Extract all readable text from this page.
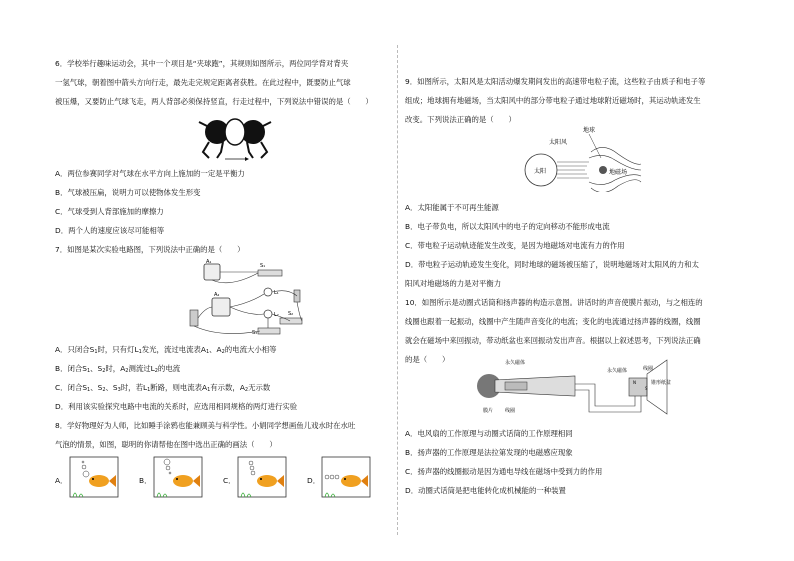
6．学校举行趣味运动会，其中一个项目是“夹球跑”，其规则如图所示，两位同学背对背夹
一氢气球，朝着图中箭头方向行走，最先走完规定距离者获胜。在此过程中，既要防止气球
被压爆，又要防止气球飞走，两人背部必须保持竖直，行走过程中，下列说法中错误的是（　　）
A．两位参赛同学对气球在水平方向上施加的一定是平衡力
B．气球被压扁，说明力可以使物体发生形变
C．气球受到人背部施加的摩擦力
D．两个人的速度应该尽可能相等
7．如图是某次实验电路图，下列说法中正确的是（　　）
A₁
A₂
S₁
S₂
S₃
L₁
L₂
A．只闭合$S_1$时，只有灯$L_1$发光，流过电流表$A_1$、$A_2$的电流大小相等
B．闭合$S_1$、$S_2$时，$A_2$测流过$L_2$的电流
C．闭合$S_1$、$S_2$、$S_3$时，若$L_1$断路，则电流表$A_1$有示数，$A_2$无示数
D．利用该实验探究电路中电流的关系时，应选用相同规格的两灯进行实验
8．学好物理好为人师，比如睡手涂鸦也能兼顾美与科学性。小娟同学想画鱼儿戏水时在水吐
气泡的情景，如图，聪明的你请帮他在图中选出正确的画法（　　）
A．	B．	C．	D．
9．如图所示，太阳风是太阳活动爆发期间发出的高速带电粒子流，这些粒子由质子和电子等
组成；地球拥有地磁场，当太阳风中的部分带电粒子通过地球附近磁场时，其运动轨迹发生
改变。下列说法正确的是（　　）
地球
太阳风
太阳	地磁场
A．太阳能属于不可再生能源
B．电子带负电，所以太阳风中的电子的定向移动不能形成电流
C．带电粒子运动轨迹能发生改变，是因为地磁场对电流有力的作用
D．带电粒子运动轨迹发生变化，同时地球的磁场被压缩了，说明地磁场对太阳风的力和太
阳风对地磁场的力是对平衡力
10．如图所示是动圈式话筒和扬声器的构造示意图。讲话时的声音使膜片振动，与之相连的
线圈也跟着一起振动，线圈中产生随声音变化的电流；变化的电流通过扬声器的线圈，线圈
就会在磁场中来回振动，带动纸盆也来回振动发出声音。根据以上叙述思考，下列说法正确
的是（　　）	永久磁体
膜片 线圈
永久磁体	线圈
N
S
锥形纸盆
A．电风扇的工作原理与动圈式话筒的工作原理相同
B．扬声器的工作原理是法拉第发现的电磁感应现象
C．扬声器的线圈振动是因为通电导线在磁场中受到力的作用
D．动圈式话筒是把电能转化成机械能的一种装置
